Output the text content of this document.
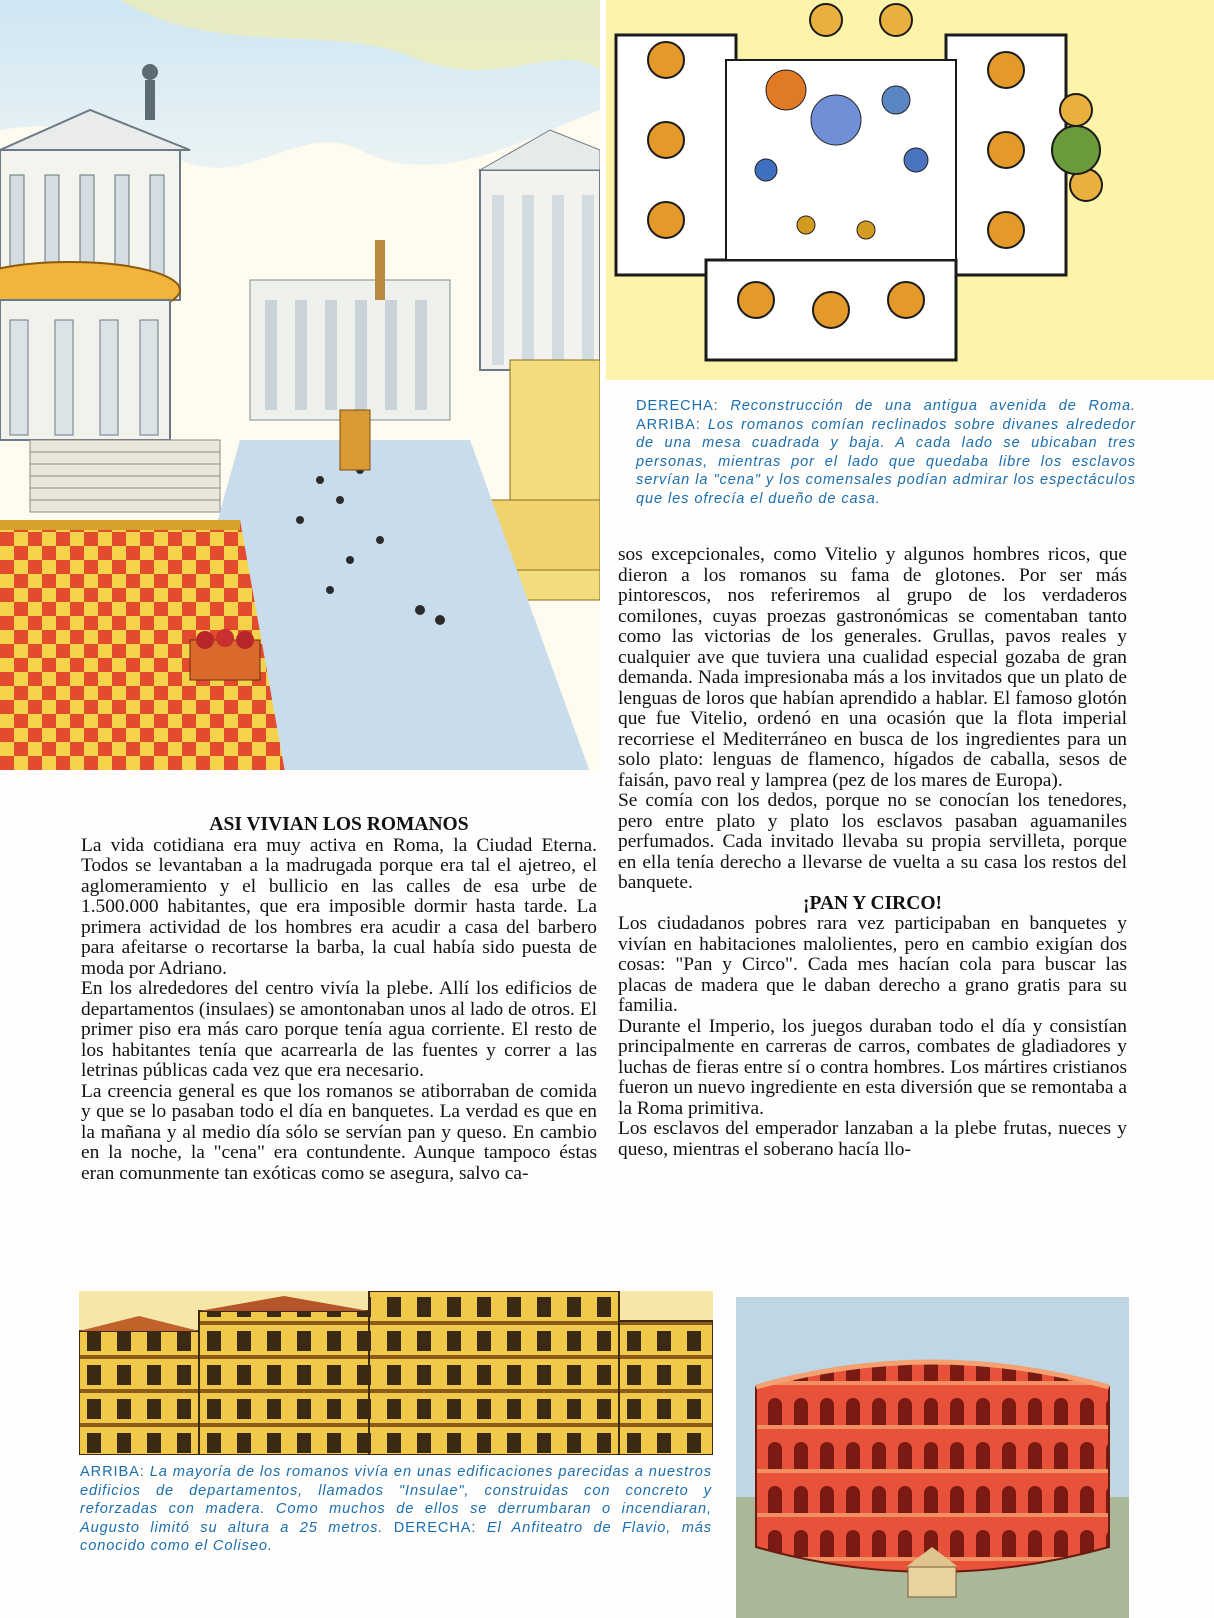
DERECHA: Reconstrucción de una antigua avenida de Roma. ARRIBA: Los romanos comían reclinados sobre divanes alrededor de una mesa cuadrada y baja. A cada lado se ubicaban tres personas, mientras por el lado que quedaba libre los esclavos servían la "cena" y los comensales podían admirar los espectáculos que les ofrecía el dueño de casa.
ASI VIVIAN LOS ROMANOS

La vida cotidiana era muy activa en Roma, la Ciudad Eterna. Todos se levantaban a la madrugada porque era tal el ajetreo, el aglomeramiento y el bullicio en las calles de esa urbe de 1.500.000 habitantes, que era imposible dormir hasta tarde. La primera actividad de los hombres era acudir a casa del barbero para afeitarse o recortarse la barba, la cual había sido puesta de moda por Adriano.

En los alrededores del centro vivía la plebe. Allí los edificios de departamentos (insulaes) se amontonaban unos al lado de otros. El primer piso era más caro porque tenía agua corriente. El resto de los habitantes tenía que acarrearla de las fuentes y correr a las letrinas públicas cada vez que era necesario.

La creencia general es que los romanos se atiborraban de comida y que se lo pasaban todo el día en banquetes. La verdad es que en la mañana y al medio día sólo se servían pan y queso. En cambio en la noche, la "cena" era contundente. Aunque tampoco éstas eran comunmente tan exóticas como se asegura, salvo ca-

sos excepcionales, como Vitelio y algunos hombres ricos, que dieron a los romanos su fama de glotones. Por ser más pintorescos, nos referiremos al grupo de los verdaderos comilones, cuyas proezas gastronómicas se comentaban tanto como las victorias de los generales. Grullas, pavos reales y cualquier ave que tuviera una cualidad especial gozaba de gran demanda. Nada impresionaba más a los invitados que un plato de lenguas de loros que habían aprendido a hablar. El famoso glotón que fue Vitelio, ordenó en una ocasión que la flota imperial recorriese el Mediterráneo en busca de los ingredientes para un solo plato: lenguas de flamenco, hígados de caballa, sesos de faisán, pavo real y lamprea (pez de los mares de Europa).

Se comía con los dedos, porque no se conocían los tenedores, pero entre plato y plato los esclavos pasaban aguamaniles perfumados. Cada invitado llevaba su propia servilleta, porque en ella tenía derecho a llevarse de vuelta a su casa los restos del banquete.

¡PAN Y CIRCO!

Los ciudadanos pobres rara vez participaban en banquetes y vivían en habitaciones malolientes, pero en cambio exigían dos cosas: "Pan y Circo". Cada mes hacían cola para buscar las placas de madera que le daban derecho a grano gratis para su familia.

Durante el Imperio, los juegos duraban todo el día y consistían principalmente en carreras de carros, combates de gladiadores y luchas de fieras entre sí o contra hombres. Los mártires cristianos fueron un nuevo ingrediente en esta diversión que se remontaba a la Roma primitiva.

Los esclavos del emperador lanzaban a la plebe frutas, nueces y queso, mientras el soberano hacía llo-

ARRIBA: La mayoría de los romanos vivía en unas edificaciones parecidas a nuestros edificios de departamentos, llamados "Insulae", construidas con concreto y reforzadas con madera. Como muchos de ellos se derrumbaran o incendiaran, Augusto limitó su altura a 25 metros. DERECHA: El Anfiteatro de Flavio, más conocido como el Coliseo.
